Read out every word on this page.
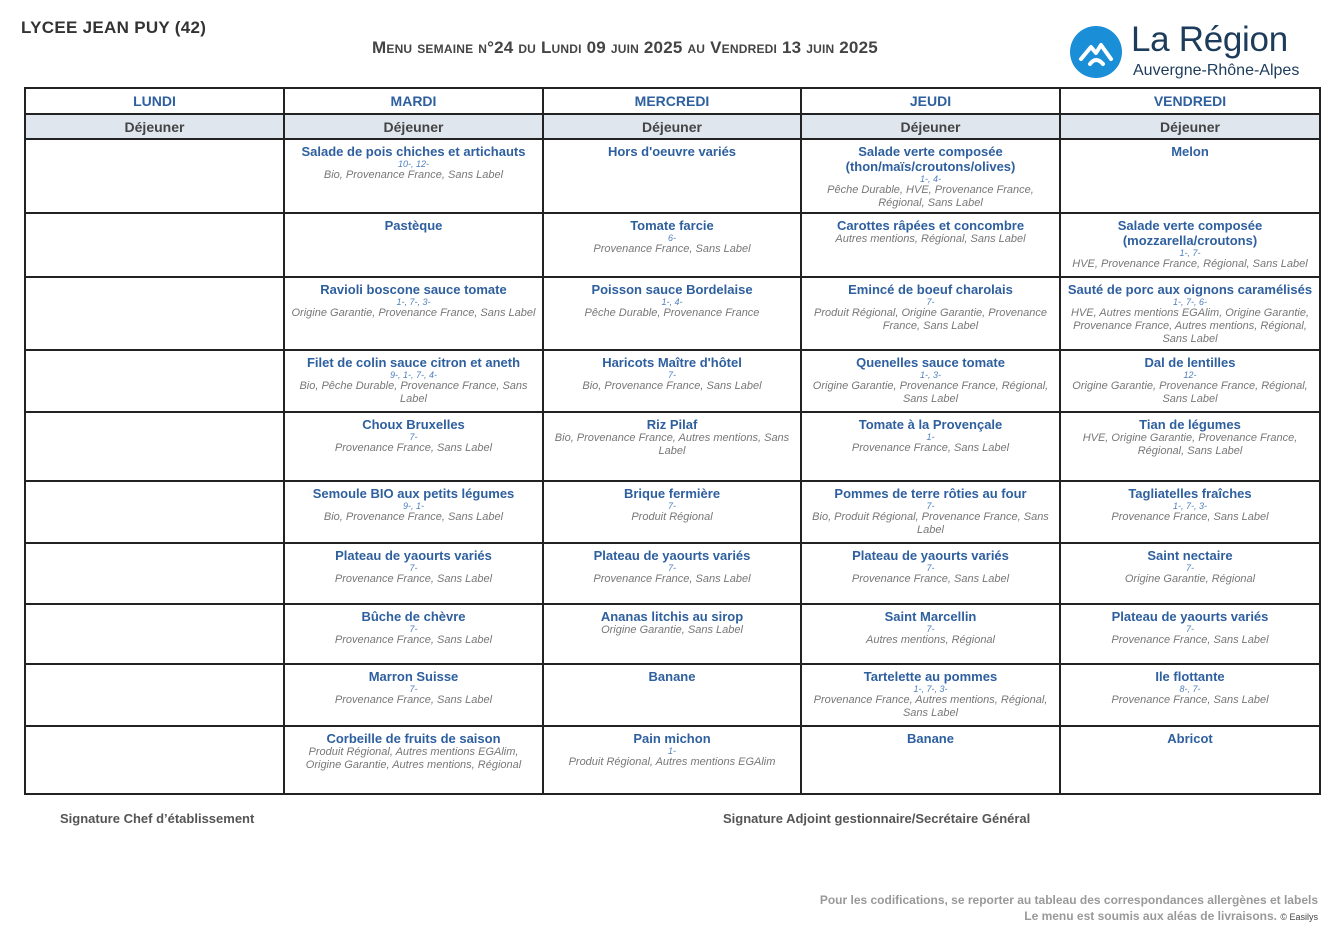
LYCEE JEAN PUY (42)
Menu semaine n°24 du Lundi 09 juin 2025 au Vendredi 13 juin 2025	La Région
Auvergne-Rhône-Alpes
LUNDI	MARDI	MERCREDI	JEUDI	VENDREDI
Déjeuner	Déjeuner	Déjeuner	Déjeuner	Déjeuner

	Salade de pois chiches et artichauts
10-, 12-
Bio, Provenance France, Sans Label	Hors d'oeuvre variés	Salade verte composée (thon/maïs/croutons/olives)
1-, 4-
Pêche Durable, HVE, Provenance France, Régional, Sans Label	Melon

	Pastèque	Tomate farcie
6-
Provenance France, Sans Label	Carottes râpées et concombre
Autres mentions, Régional, Sans Label	Salade verte composée (mozzarella/croutons)
1-, 7-
HVE, Provenance France, Régional, Sans Label

	Ravioli boscone sauce tomate
1-, 7-, 3-
Origine Garantie, Provenance France, Sans Label	Poisson sauce Bordelaise
1-, 4-
Pêche Durable, Provenance France	Emincé de boeuf charolais
7-
Produit Régional, Origine Garantie, Provenance France, Sans Label	Sauté de porc aux oignons caramélisés
1-, 7-, 6-
HVE, Autres mentions EGAlim, Origine Garantie, Provenance France, Autres mentions, Régional, Sans Label

	Filet de colin sauce citron et aneth
9-, 1-, 7-, 4-
Bio, Pêche Durable, Provenance France, Sans Label	Haricots Maître d'hôtel
7-
Bio, Provenance France, Sans Label	Quenelles sauce tomate
1-, 3-
Origine Garantie, Provenance France, Régional, Sans Label	Dal de lentilles
12-
Origine Garantie, Provenance France, Régional, Sans Label

	Choux Bruxelles
7-
Provenance France, Sans Label	Riz Pilaf
Bio, Provenance France, Autres mentions, Sans Label	Tomate à la Provençale
1-
Provenance France, Sans Label	Tian de légumes
HVE, Origine Garantie, Provenance France, Régional, Sans Label

	Semoule BIO aux petits légumes
9-, 1-
Bio, Provenance France, Sans Label	Brique fermière
7-
Produit Régional	Pommes de terre rôties au four
7-
Bio, Produit Régional, Provenance France, Sans Label	Tagliatelles fraîches
1-, 7-, 3-
Provenance France, Sans Label

	Plateau de yaourts variés
7-
Provenance France, Sans Label	Plateau de yaourts variés
7-
Provenance France, Sans Label	Plateau de yaourts variés
7-
Provenance France, Sans Label	Saint nectaire
7-
Origine Garantie, Régional

	Bûche de chèvre
7-
Provenance France, Sans Label	Ananas litchis au sirop
Origine Garantie, Sans Label	Saint Marcellin
7-
Autres mentions, Régional	Plateau de yaourts variés
7-
Provenance France, Sans Label

	Marron Suisse
7-
Provenance France, Sans Label	Banane	Tartelette au pommes
1-, 7-, 3-
Provenance France, Autres mentions, Régional, Sans Label	Ile flottante
8-, 7-
Provenance France, Sans Label

	Corbeille de fruits de saison
Produit Régional, Autres mentions EGAlim, Origine Garantie, Autres mentions, Régional	Pain michon
1-
Produit Régional, Autres mentions EGAlim	Banane	Abricot
Signature Chef d’établissement	Signature Adjoint gestionnaire/Secrétaire Général
Pour les codifications, se reporter au tableau des correspondances allergènes et labels
Le menu est soumis aux aléas de livraisons. © Easilys
